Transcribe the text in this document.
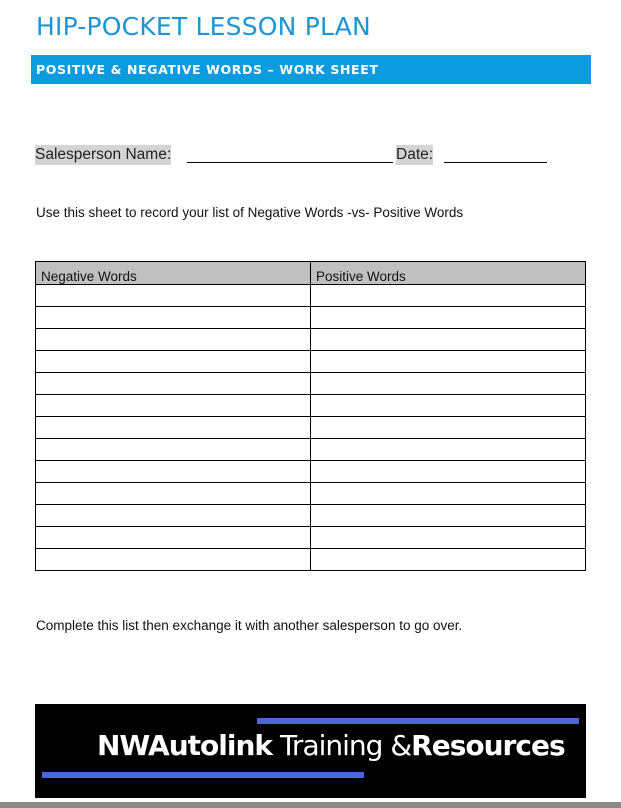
HIP-POCKET LESSON PLAN
POSITIVE & NEGATIVE WORDS – WORK SHEET
Salesperson Name:	Date:
Use this sheet to record your list of Negative Words -vs- Positive Words
Negative Words	Positive Words

Complete this list then exchange it with another salesperson to go over.
NWAutolink Training &Resources
